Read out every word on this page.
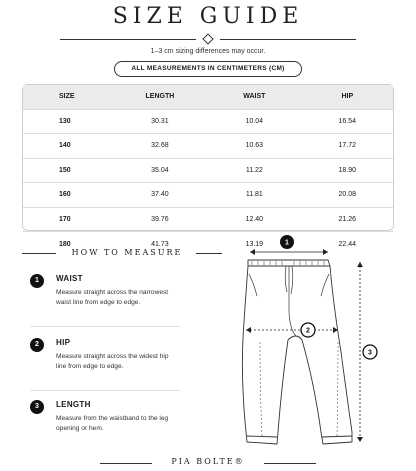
SIZE GUIDE
1–3 cm sizing differences may occur.
ALL MEASUREMENTS IN CENTIMETERS (CM)
SIZE	LENGTH	WAIST	HIP
130	30.31	10.04	16.54
140	32.68	10.63	17.72
150	35.04	11.22	18.90
160	37.40	11.81	20.08
170	39.76	12.40	21.26
180	41.73	13.19	22.44
HOW TO MEASURE
1	WAIST
Measure straight across the narrowest waist line from edge to edge.
2	HIP
Measure straight across the widest hip line from edge to edge.
3	LENGTH
Measure from the waistband to the leg opening or hem.
1
2
3
PIA BOLTE®
